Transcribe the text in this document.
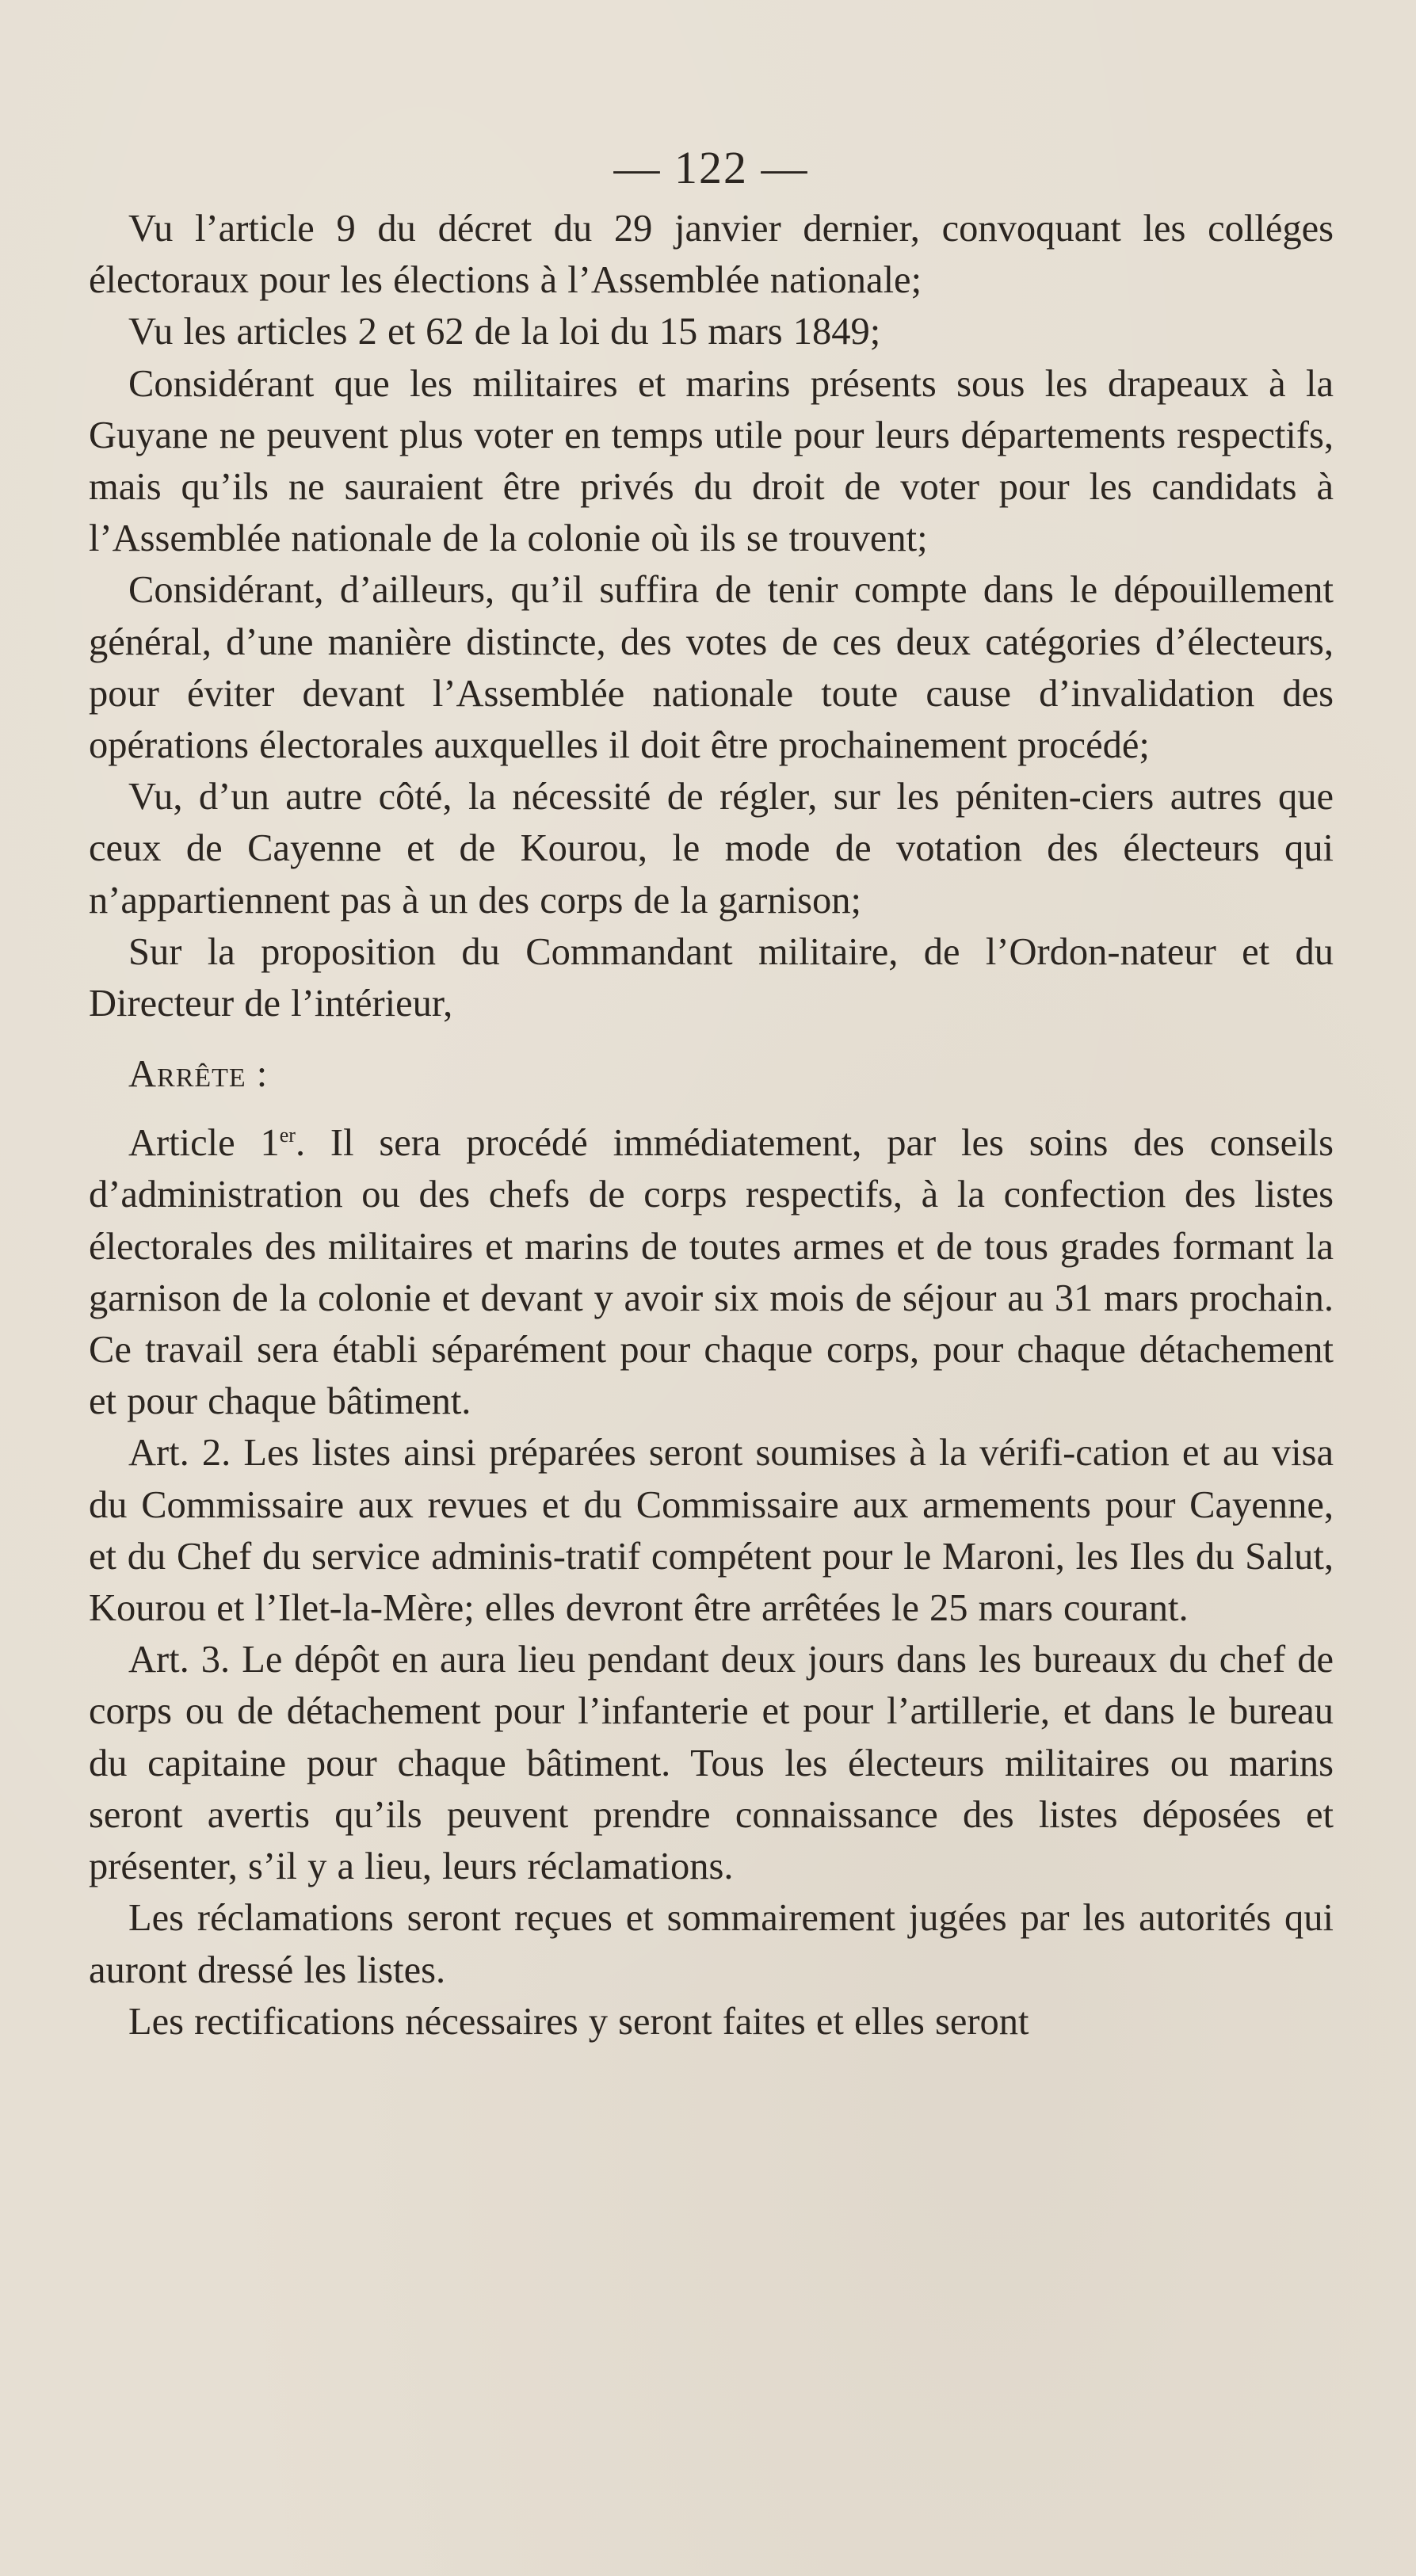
— 122 —

Vu l’article 9 du décret du 29 janvier dernier, convoquant les colléges électoraux pour les élections à l’Assemblée nationale;

Vu les articles 2 et 62 de la loi du 15 mars 1849;

Considérant que les militaires et marins présents sous les drapeaux à la Guyane ne peuvent plus voter en temps utile pour leurs départements respectifs, mais qu’ils ne sauraient être privés du droit de voter pour les candidats à l’Assemblée nationale de la colonie où ils se trouvent;

Considérant, d’ailleurs, qu’il suffira de tenir compte dans le dépouillement général, d’une manière distincte, des votes de ces deux catégories d’électeurs, pour éviter devant l’Assemblée nationale toute cause d’invalidation des opérations électorales auxquelles il doit être prochainement procédé;

Vu, d’un autre côté, la nécessité de régler, sur les péniten-ciers autres que ceux de Cayenne et de Kourou, le mode de votation des électeurs qui n’appartiennent pas à un des corps de la garnison;

Sur la proposition du Commandant militaire, de l’Ordon-nateur et du Directeur de l’intérieur,

Arrête :

Article 1er. Il sera procédé immédiatement, par les soins des conseils d’administration ou des chefs de corps respectifs, à la confection des listes électorales des militaires et marins de toutes armes et de tous grades formant la garnison de la colonie et devant y avoir six mois de séjour au 31 mars prochain. Ce travail sera établi séparément pour chaque corps, pour chaque détachement et pour chaque bâtiment.

Art. 2. Les listes ainsi préparées seront soumises à la vérifi-cation et au visa du Commissaire aux revues et du Commissaire aux armements pour Cayenne, et du Chef du service adminis-tratif compétent pour le Maroni, les Iles du Salut, Kourou et l’Ilet-la-Mère; elles devront être arrêtées le 25 mars courant.

Art. 3. Le dépôt en aura lieu pendant deux jours dans les bureaux du chef de corps ou de détachement pour l’infanterie et pour l’artillerie, et dans le bureau du capitaine pour chaque bâtiment. Tous les électeurs militaires ou marins seront avertis qu’ils peuvent prendre connaissance des listes déposées et présenter, s’il y a lieu, leurs réclamations.

Les réclamations seront reçues et sommairement jugées par les autorités qui auront dressé les listes.

Les rectifications nécessaires y seront faites et elles seront
